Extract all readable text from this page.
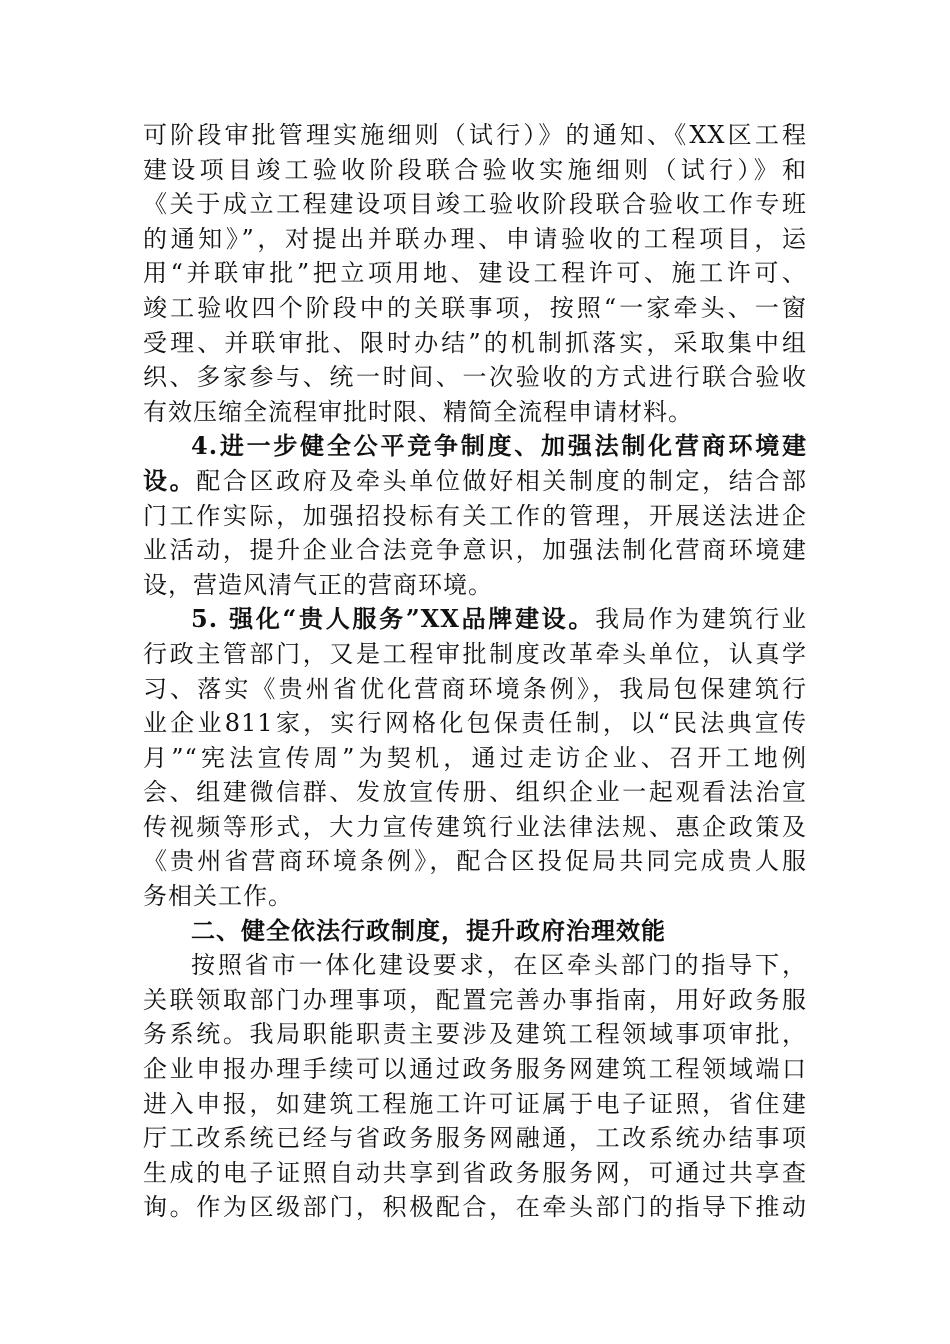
可阶段审批管理实施细则（试行）》的通知、《XX区工程
建设项目竣工验收阶段联合验收实施细则（试行）》和
《关于成立工程建设项目竣工验收阶段联合验收工作专班
的通知》”，对提出并联办理、申请验收的工程项目，运
用“并联审批”把立项用地、建设工程许可、施工许可、
竣工验收四个阶段中的关联事项，按照“一家牵头、一窗
受理、并联审批、限时办结”的机制抓落实，采取集中组
织、多家参与、统一时间、一次验收的方式进行联合验收
有效压缩全流程审批时限、精简全流程申请材料。
4.进一步健全公平竞争制度、加强法制化营商环境建
设。配合区政府及牵头单位做好相关制度的制定，结合部
门工作实际，加强招投标有关工作的管理，开展送法进企
业活动，提升企业合法竞争意识，加强法制化营商环境建
设，营造风清气正的营商环境。
5. 强化“贵人服务”XX品牌建设。我局作为建筑行业
行政主管部门，又是工程审批制度改革牵头单位，认真学
习、落实《贵州省优化营商环境条例》，我局包保建筑行
业企业811家，实行网格化包保责任制，以“民法典宣传
月”“宪法宣传周”为契机，通过走访企业、召开工地例
会、组建微信群、发放宣传册、组织企业一起观看法治宣
传视频等形式，大力宣传建筑行业法律法规、惠企政策及
《贵州省营商环境条例》，配合区投促局共同完成贵人服
务相关工作。
二、健全依法行政制度，提升政府治理效能
按照省市一体化建设要求，在区牵头部门的指导下，
关联领取部门办理事项，配置完善办事指南，用好政务服
务系统。我局职能职责主要涉及建筑工程领域事项审批，
企业申报办理手续可以通过政务服务网建筑工程领域端口
进入申报，如建筑工程施工许可证属于电子证照，省住建
厅工改系统已经与省政务服务网融通，工改系统办结事项
生成的电子证照自动共享到省政务服务网，可通过共享查
询。作为区级部门，积极配合，在牵头部门的指导下推动
